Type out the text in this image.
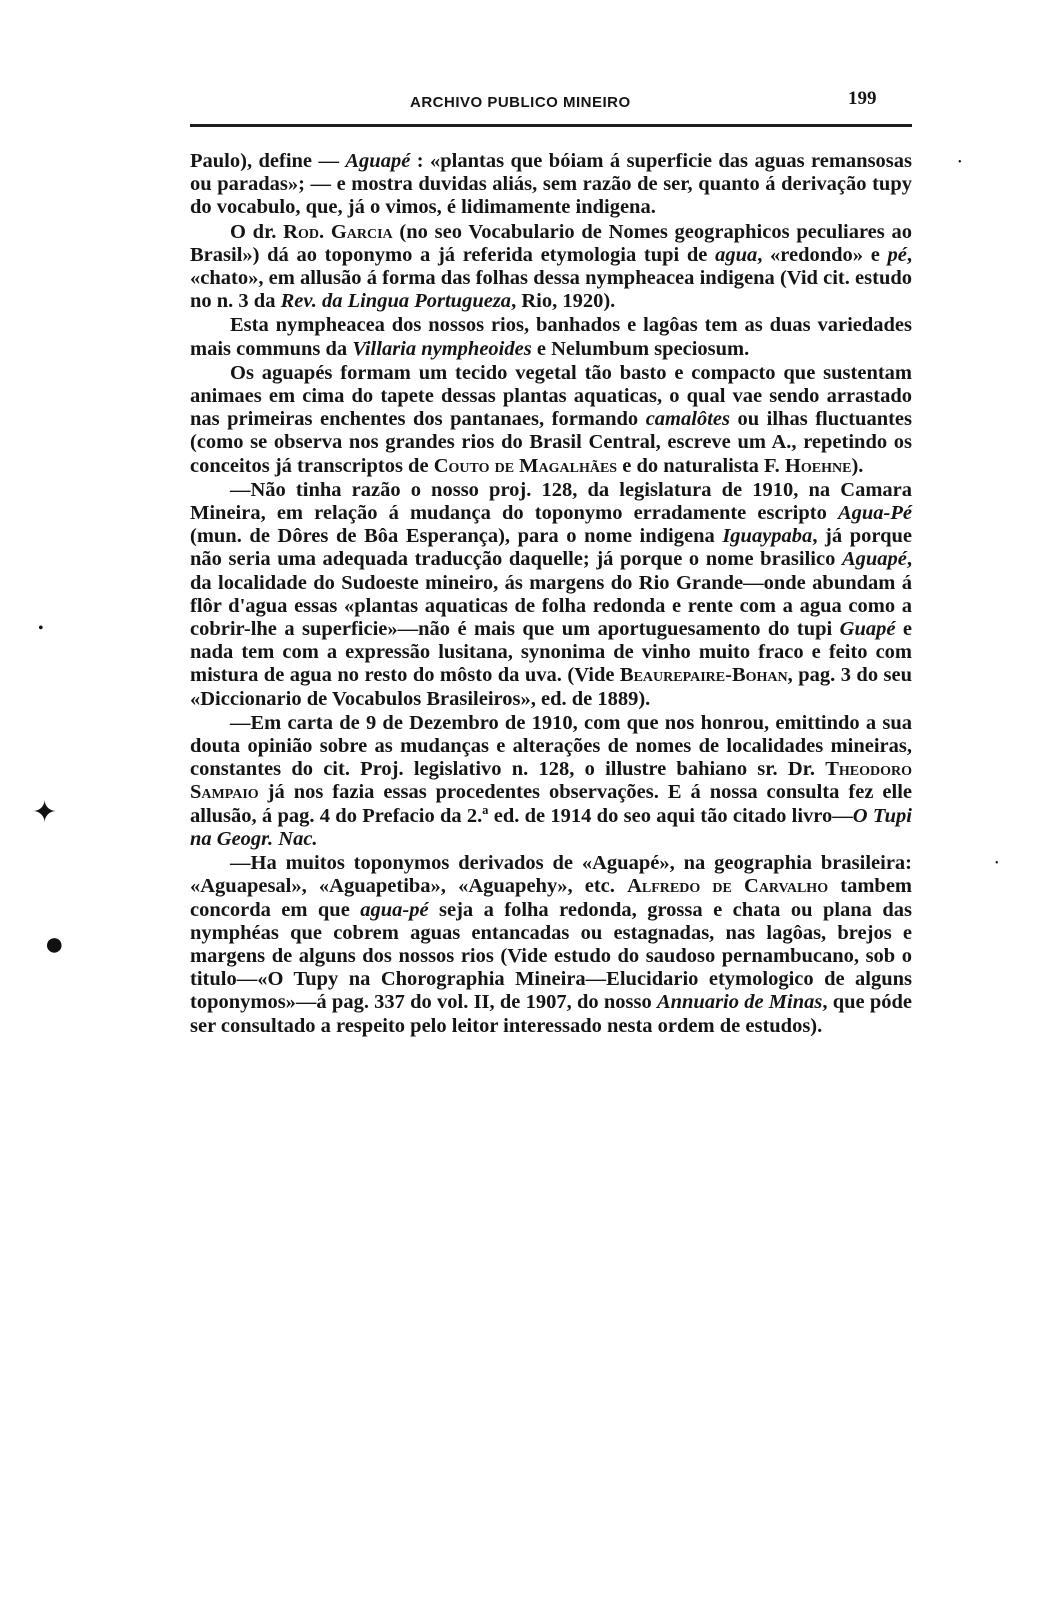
ARCHIVO PUBLICO MINEIRO	199

Paulo), define — Aguapé : «plantas que bóiam á superficie das aguas remansosas ou paradas»; — e mostra duvidas aliás, sem razão de ser, quanto á derivação tupy do vocabulo, que, já o vimos, é lidimamente indigena.

O dr. Rod. Garcia (no seo Vocabulario de Nomes geographicos peculiares ao Brasil») dá ao toponymo a já referida etymologia tupi de agua, «redondo» e pé, «chato», em allusão á forma das folhas dessa nympheacea indigena (Vid cit. estudo no n. 3 da Rev. da Lingua Portugueza, Rio, 1920).

Esta nympheacea dos nossos rios, banhados e lagôas tem as duas variedades mais communs da Villaria nympheoides e Nelumbum speciosum.

Os aguapés formam um tecido vegetal tão basto e compacto que sustentam animaes em cima do tapete dessas plantas aquaticas, o qual vae sendo arrastado nas primeiras enchentes dos pantanaes, formando camalôtes ou ilhas fluctuantes (como se observa nos grandes rios do Brasil Central, escreve um A., repetindo os conceitos já transcriptos de Couto de Magalhães e do naturalista F. Hoehne).

—Não tinha razão o nosso proj. 128, da legislatura de 1910, na Camara Mineira, em relação á mudança do toponymo erradamente escripto Agua-Pé (mun. de Dôres de Bôa Esperança), para o nome indigena Iguaypaba, já porque não seria uma adequada traducção daquelle; já porque o nome brasilico Aguapé, da localidade do Sudoeste mineiro, ás margens do Rio Grande—onde abundam á flôr d'agua essas «plantas aquaticas de folha redonda e rente com a agua como a cobrir-lhe a superficie»—não é mais que um aportuguesamento do tupi Guapé e nada tem com a expressão lusitana, synonima de vinho muito fraco e feito com mistura de agua no resto do môsto da uva. (Vide Beaurepaire-Bohan, pag. 3 do seu «Diccionario de Vocabulos Brasileiros», ed. de 1889).

—Em carta de 9 de Dezembro de 1910, com que nos honrou, emittindo a sua douta opinião sobre as mudanças e alterações de nomes de localidades mineiras, constantes do cit. Proj. legislativo n. 128, o illustre bahiano sr. Dr. Theodoro Sampaio já nos fazia essas procedentes observações. E á nossa consulta fez elle allusão, á pag. 4 do Prefacio da 2.ª ed. de 1914 do seo aqui tão citado livro—O Tupi na Geogr. Nac.

—Ha muitos toponymos derivados de «Aguapé», na geographia brasileira: «Aguapesal», «Aguapetiba», «Aguapehy», etc. Alfredo de Carvalho tambem concorda em que agua-pé seja a folha redonda, grossa e chata ou plana das nymphéas que cobrem aguas entancadas ou estagnadas, nas lagôas, brejos e margens de alguns dos nossos rios (Vide estudo do saudoso pernambucano, sob o titulo—«O Tupy na Chorographia Mineira—Elucidario etymologico de alguns toponymos»—á pag. 337 do vol. II, de 1907, do nosso Annuario de Minas, que póde ser consultado a respeito pelo leitor interessado nesta ordem de estudos).

•
•
✦
•
●
